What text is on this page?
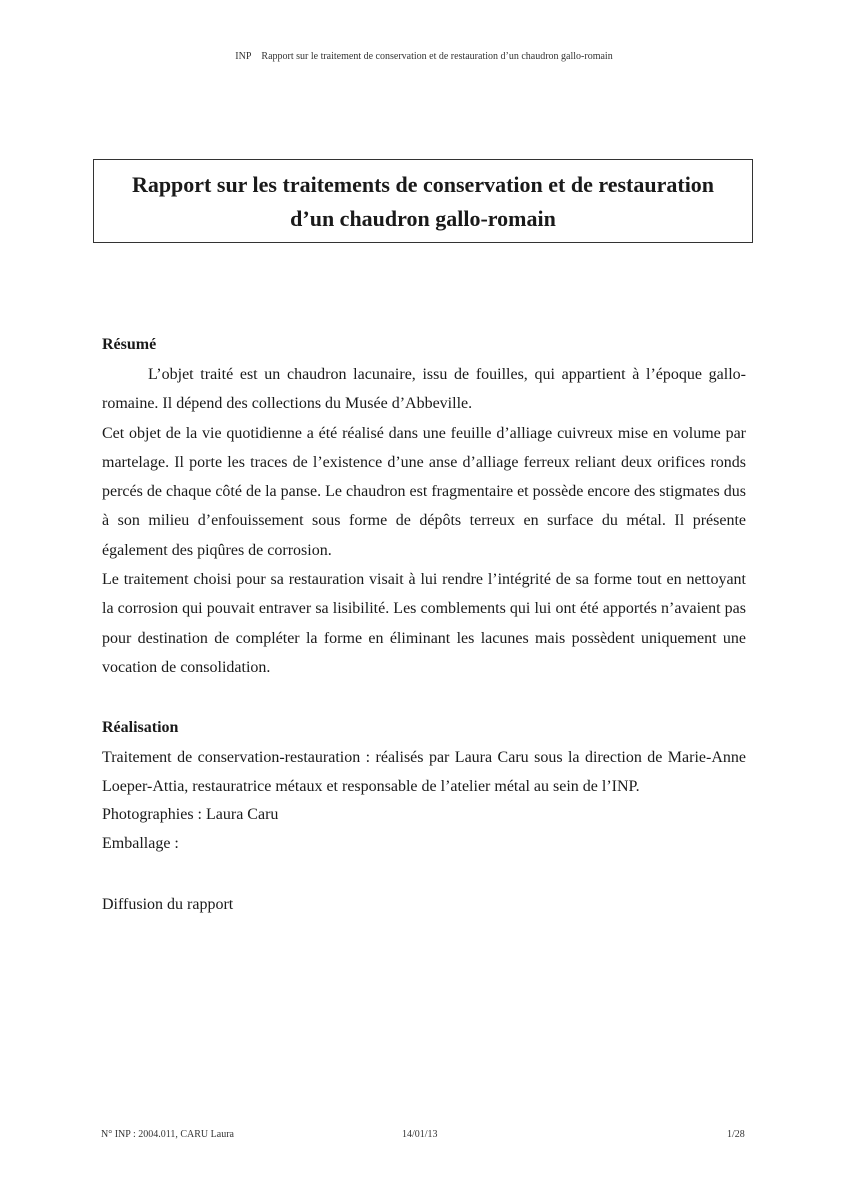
INP Rapport sur le traitement de conservation et de restauration d’un chaudron gallo-romain
Rapport sur les traitements de conservation et de restauration
d’un chaudron gallo-romain
Résumé

L’objet traité est un chaudron lacunaire, issu de fouilles, qui appartient à l’époque gallo-romaine. Il dépend des collections du Musée d’Abbeville.

Cet objet de la vie quotidienne a été réalisé dans une feuille d’alliage cuivreux mise en volume par martelage. Il porte les traces de l’existence d’une anse d’alliage ferreux reliant deux orifices ronds percés de chaque côté de la panse. Le chaudron est fragmentaire et possède encore des stigmates dus à son milieu d’enfouissement sous forme de dépôts terreux en surface du métal. Il présente également des piqûres de corrosion.

Le traitement choisi pour sa restauration visait à lui rendre l’intégrité de sa forme tout en nettoyant la corrosion qui pouvait entraver sa lisibilité. Les comblements qui lui ont été apportés n’avaient pas pour destination de compléter la forme en éliminant les lacunes mais possèdent uniquement une vocation de consolidation.

Réalisation
Traitement de conservation-restauration : réalisés par Laura Caru sous la direction de Marie-Anne Loeper-Attia, restauratrice métaux et responsable de l’atelier métal au sein de l’INP.
Photographies : Laura Caru
Emballage :
Diffusion du rapport
N° INP : 2004.011, CARU Laura	14/01/13	1/28
